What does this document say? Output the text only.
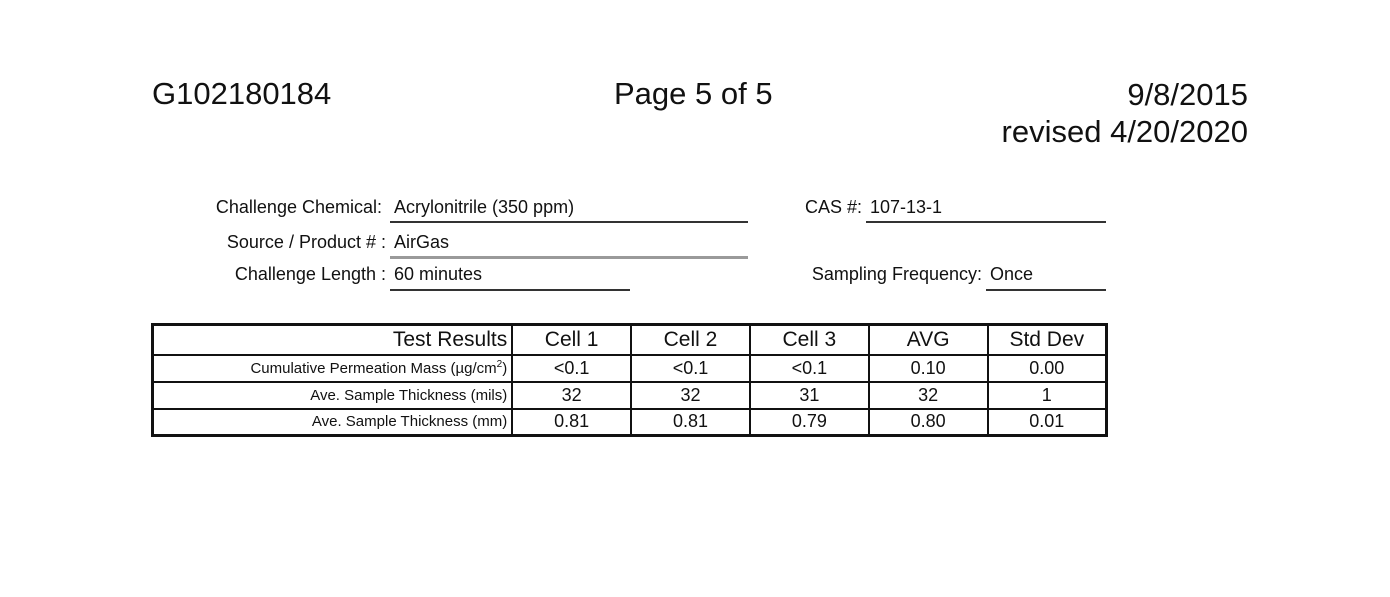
G102180184	Page 5 of 5	9/8/2015
revised 4/20/2020
Challenge Chemical: Acrylonitrile (350 ppm)	CAS #: 107-13-1
Source / Product # : AirGas
Challenge Length : 60 minutes	Sampling Frequency: Once
Test Results	Cell 1	Cell 2	Cell 3	AVG	Std Dev
Cumulative Permeation Mass $(\mu g/cm^2)$	<0.1	<0.1	<0.1	0.10	0.00
Ave. Sample Thickness (mils)	32	32	31	32	1
Ave. Sample Thickness (mm)	0.81	0.81	0.79	0.80	0.01
